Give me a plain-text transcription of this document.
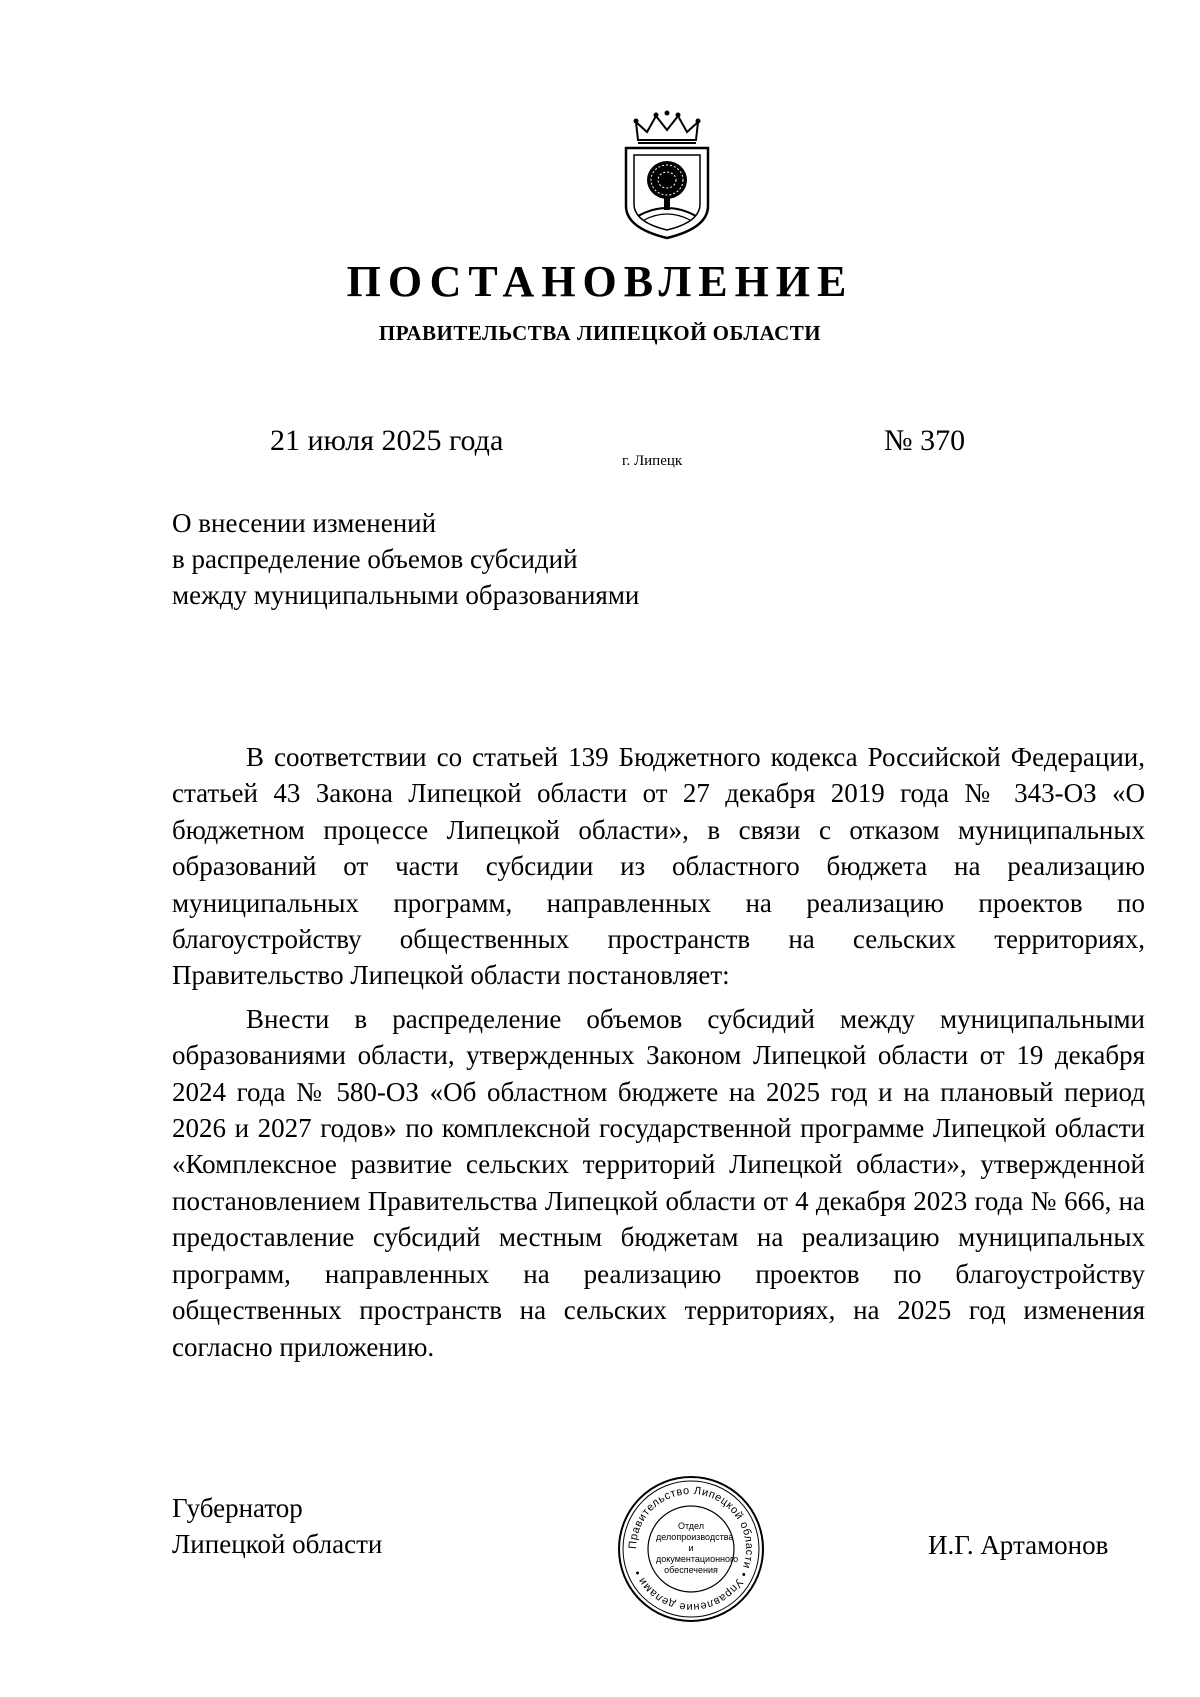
ПОСТАНОВЛЕНИЕ
ПРАВИТЕЛЬСТВА ЛИПЕЦКОЙ ОБЛАСТИ
21 июля 2025 года
г. Липецк
№ 370
О внесении изменений
в распределение объемов субсидий
между муниципальными образованиями

В соответствии со статьей 139 Бюджетного кодекса Российской Федерации, статьей 43 Закона Липецкой области от 27 декабря 2019 года № 343-ОЗ «О бюджетном процессе Липецкой области», в связи с отказом муниципальных образований от части субсидии из областного бюджета на реализацию муниципальных программ, направленных на реализацию проектов по благоустройству общественных пространств на сельских территориях, Правительство Липецкой области постановляет:

Внести в распределение объемов субсидий между муниципальными образованиями области, утвержденных Законом Липецкой области от 19 декабря 2024 года № 580-ОЗ «Об областном бюджете на 2025 год и на плановый период 2026 и 2027 годов» по комплексной государственной программе Липецкой области «Комплексное развитие сельских территорий Липецкой области», утвержденной постановлением Правительства Липецкой области от 4 декабря 2023 года № 666, на предоставление субсидий местным бюджетам на реализацию муниципальных программ, направленных на реализацию проектов по благоустройству общественных пространств на сельских территориях, на 2025 год изменения согласно приложению.

Губернатор
Липецкой области	Правительство Липецкой области • Управление делами •
Отдел
делопроизводства и
документационного
обеспечения
И.Г. Артамонов
